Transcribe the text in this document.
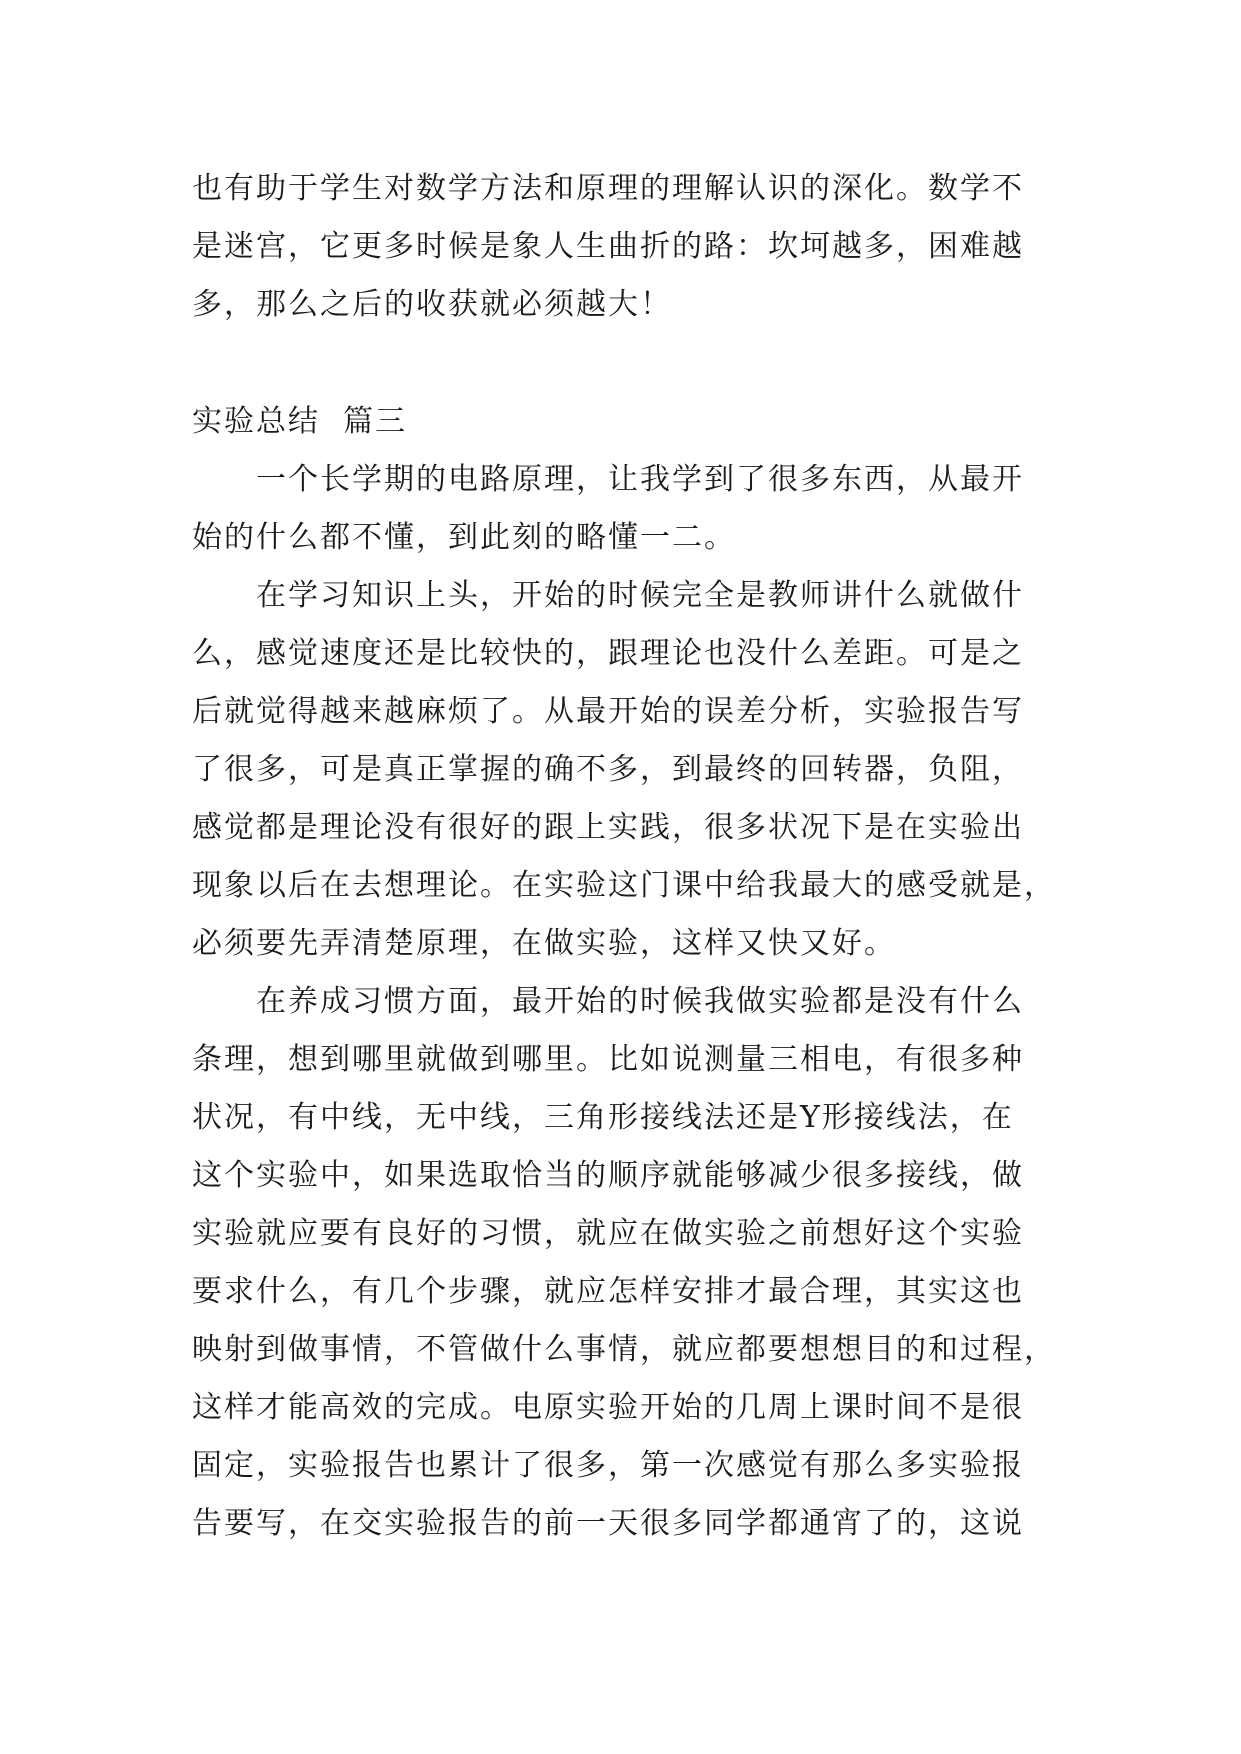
也有助于学生对数学方法和原理的理解认识的深化。数学不
是迷宫，它更多时候是象人生曲折的路：坎坷越多，困难越
多，那么之后的收获就必须越大！
实验总结  篇三
一个长学期的电路原理，让我学到了很多东西，从最开
始的什么都不懂，到此刻的略懂一二。
在学习知识上头，开始的时候完全是教师讲什么就做什
么，感觉速度还是比较快的，跟理论也没什么差距。可是之
后就觉得越来越麻烦了。从最开始的误差分析，实验报告写
了很多，可是真正掌握的确不多，到最终的回转器，负阻，
感觉都是理论没有很好的跟上实践，很多状况下是在实验出
现象以后在去想理论。在实验这门课中给我最大的感受就是，
必须要先弄清楚原理，在做实验，这样又快又好。
在养成习惯方面，最开始的时候我做实验都是没有什么
条理，想到哪里就做到哪里。比如说测量三相电，有很多种
状况，有中线，无中线，三角形接线法还是Y形接线法，在
这个实验中，如果选取恰当的顺序就能够减少很多接线，做
实验就应要有良好的习惯，就应在做实验之前想好这个实验
要求什么，有几个步骤，就应怎样安排才最合理，其实这也
映射到做事情，不管做什么事情，就应都要想想目的和过程，
这样才能高效的完成。电原实验开始的几周上课时间不是很
固定，实验报告也累计了很多，第一次感觉有那么多实验报
告要写，在交实验报告的前一天很多同学都通宵了的，这说
